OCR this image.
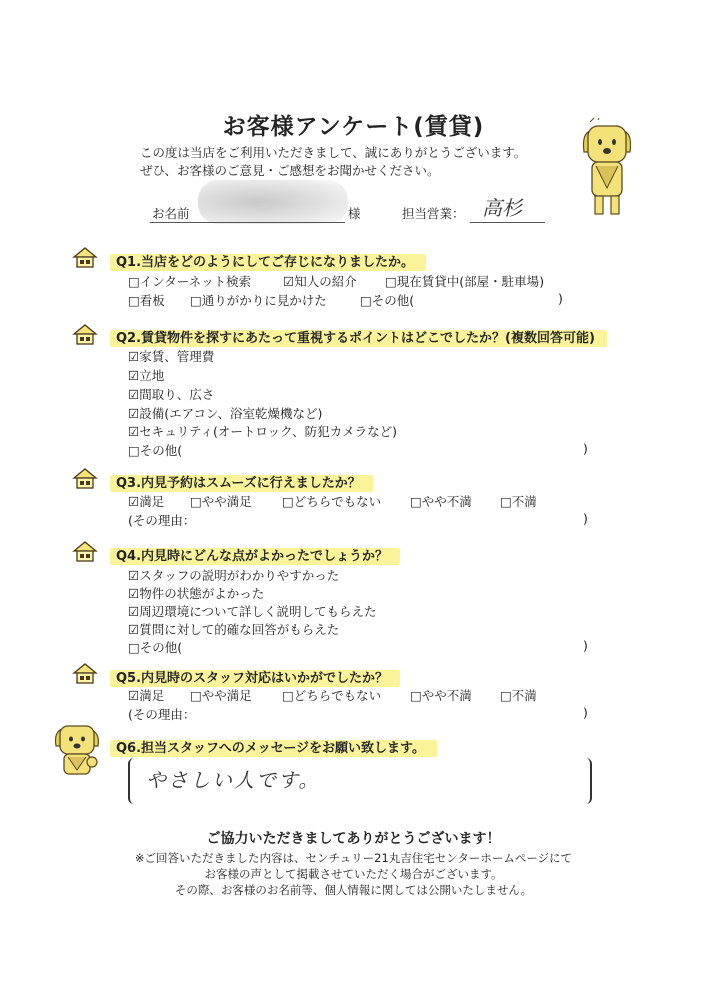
お客様アンケート(賃貸)
この度は当店をご利用いただきまして、誠にありがとうございます。
ぜひ、お客様のご意見・ご感想をお聞かせください。
お名前	様	担当営業： 高杉
Q1.当店をどのようにしてご存じになりましたか。
□インターネット検索	☑知人の紹介 □現在賃貸中(部屋・駐車場)
□看板 □通りがかりに見かけた	□その他(	)
Q2.賃貸物件を探すにあたって重視するポイントはどこでしたか？(複数回答可能)
☑家賃、管理費
☑立地
☑間取り、広さ
☑設備(エアコン、浴室乾燥機など)
☑セキュリティ(オートロック、防犯カメラなど)
□その他(	)
Q3.内見予約はスムーズに行えましたか？
☑満足 □やや満足 □どちらでもない □やや不満 □不満
(その理由：	)
Q4.内見時にどんな点がよかったでしょうか？
☑スタッフの説明がわかりやすかった
☑物件の状態がよかった
☑周辺環境について詳しく説明してもらえた
☑質問に対して的確な回答がもらえた
□その他(	)
Q5.内見時のスタッフ対応はいかがでしたか？
☑満足 □やや満足 □どちらでもない □やや不満 □不満
(その理由：	)
Q6.担当スタッフへのメッセージをお願い致します。
やさしい人です。
ご協力いただきましてありがとうございます！
※ご回答いただきました内容は、センチュリー21丸吉住宅センターホームページにて
お客様の声として掲載させていただく場合がございます。
その際、お客様のお名前等、個人情報に関しては公開いたしません。
